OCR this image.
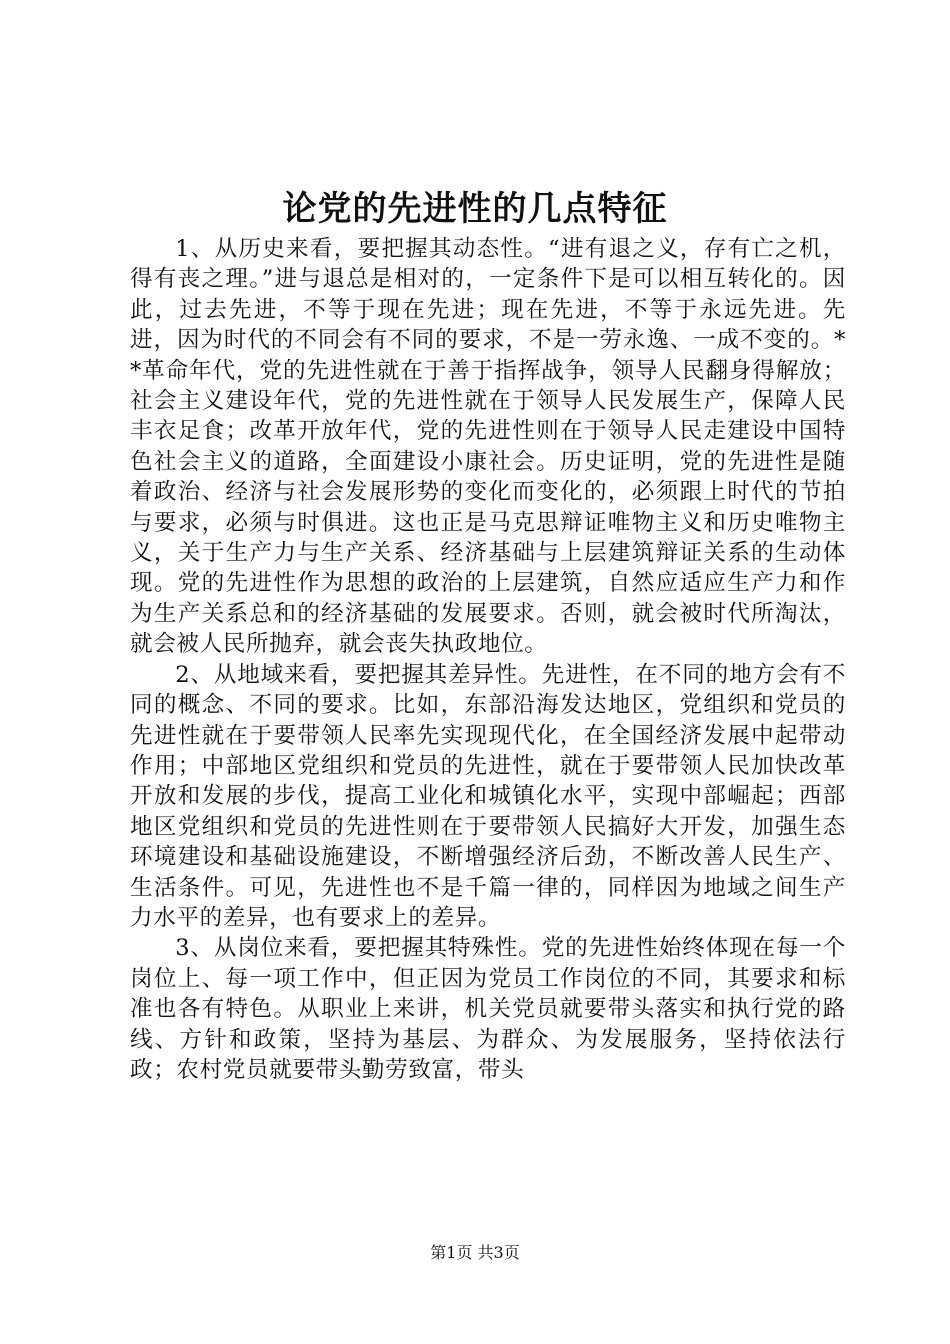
论党的先进性的几点特征

1、从历史来看，要把握其动态性。“进有退之义，存有亡之机，得有丧之理。”进与退总是相对的，一定条件下是可以相互转化的。因此，过去先进，不等于现在先进；现在先进，不等于永远先进。先进，因为时代的不同会有不同的要求，不是一劳永逸、一成不变的。**革命年代，党的先进性就在于善于指挥战争，领导人民翻身得解放；社会主义建设年代，党的先进性就在于领导人民发展生产，保障人民丰衣足食；改革开放年代，党的先进性则在于领导人民走建设中国特色社会主义的道路，全面建设小康社会。历史证明，党的先进性是随着政治、经济与社会发展形势的变化而变化的，必须跟上时代的节拍与要求，必须与时俱进。这也正是马克思辩证唯物主义和历史唯物主义，关于生产力与生产关系、经济基础与上层建筑辩证关系的生动体现。党的先进性作为思想的政治的上层建筑，自然应适应生产力和作为生产关系总和的经济基础的发展要求。否则，就会被时代所淘汰，就会被人民所抛弃，就会丧失执政地位。

2、从地域来看，要把握其差异性。先进性，在不同的地方会有不同的概念、不同的要求。比如，东部沿海发达地区，党组织和党员的先进性就在于要带领人民率先实现现代化，在全国经济发展中起带动作用；中部地区党组织和党员的先进性，就在于要带领人民加快改革开放和发展的步伐，提高工业化和城镇化水平，实现中部崛起；西部地区党组织和党员的先进性则在于要带领人民搞好大开发，加强生态环境建设和基础设施建设，不断增强经济后劲，不断改善人民生产、生活条件。可见，先进性也不是千篇一律的，同样因为地域之间生产力水平的差异，也有要求上的差异。

3、从岗位来看，要把握其特殊性。党的先进性始终体现在每一个岗位上、每一项工作中，但正因为党员工作岗位的不同，其要求和标准也各有特色。从职业上来讲，机关党员就要带头落实和执行党的路线、方针和政策，坚持为基层、为群众、为发展服务，坚持依法行政；农村党员就要带头勤劳致富，带头

第1页 共3页
